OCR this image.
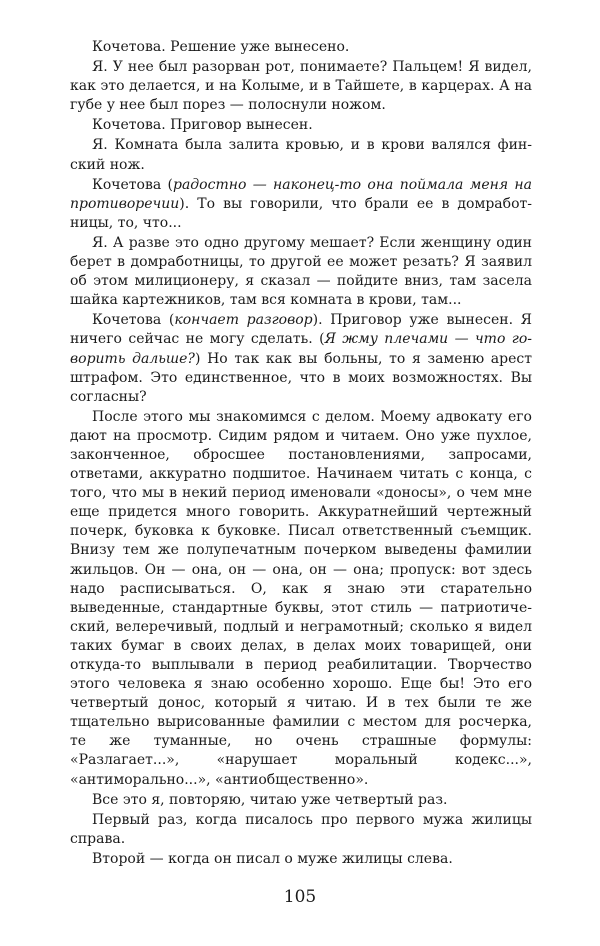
Кочетова. Решение уже вынесено.

Я. У нее был разорван рот, понимаете? Пальцем! Я видел, как это делается, и на Колыме, и в Тайшете, в карцерах. А на губе у нее был порез — полоснули ножом.

Кочетова. Приговор вынесен.

Я. Комната была залита кровью, и в крови валялся финский нож.

Кочетова (радостно — наконец-то она поймала меня на противоречии). То вы говорили, что брали ее в домработницы, то, что...

Я. А разве это одно другому мешает? Если женщину один берет в домработницы, то другой ее может резать? Я заявил об этом милиционеру, я сказал — пойдите вниз, там засела шайка картежников, там вся комната в крови, там...

Кочетова (кончает разговор). Приговор уже вынесен. Я ничего сейчас не могу сделать. (Я жму плечами — что говорить дальше?) Но так как вы больны, то я заменю арест штрафом. Это единственное, что в моих возможностях. Вы согласны?

После этого мы знакомимся с делом. Моему адвокату его дают на просмотр. Сидим рядом и читаем. Оно уже пухлое, законченное, обросшее постановлениями, запросами, ответами, аккуратно подшитое. Начинаем читать с конца, с того, что мы в некий период именовали «доносы», о чем мне еще придется много говорить. Аккуратнейший чертежный почерк, буковка к буковке. Писал ответственный съемщик. Внизу тем же полупечатным почерком выведены фамилии жильцов. Он — она, он — она, он — она; пропуск: вот здесь надо расписываться. О, как я знаю эти старательно выведенные, стандартные буквы, этот стиль — патриотический, велеречивый, подлый и неграмотный; сколько я видел таких бумаг в своих делах, в делах моих товарищей, они откуда-то выплывали в период реабилитации. Творчество этого человека я знаю особенно хорошо. Еще бы! Это его четвертый донос, который я читаю. И в тех были те же тщательно вырисованные фамилии с местом для росчерка, те же туманные, но очень страшные формулы: «Разлагает...», «нарушает моральный кодекс...», «антиморально...», «антиобщественно».

Все это я, повторяю, читаю уже четвертый раз.

Первый раз, когда писалось про первого мужа жилицы справа.

Второй — когда он писал о муже жилицы слева.

105
